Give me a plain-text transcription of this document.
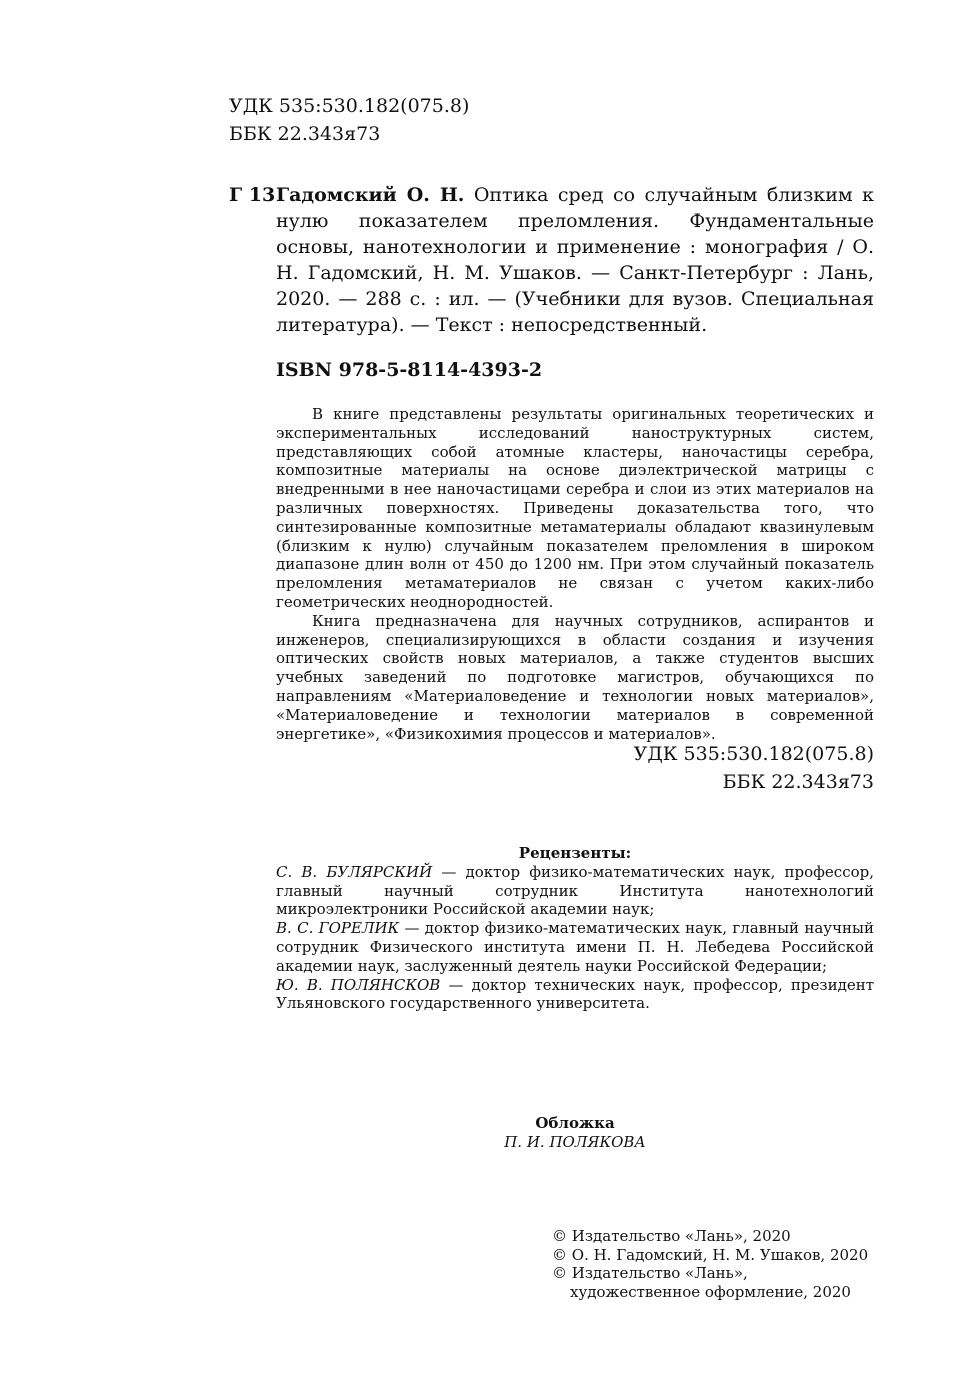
УДК 535:530.182(075.8)
ББК 22.343я73
Г 13 Гадомский О. Н. Оптика сред со случайным близким к нулю показателем преломления. Фундаментальные основы, нанотехнологии и применение : монография / О. Н. Гадомский, Н. М. Ушаков. — Санкт-Петербург : Лань, 2020. — 288 с. : ил. — (Учебники для вузов. Специальная литература). — Текст : непосредственный.
ISBN 978-5-8114-4393-2

В книге представлены результаты оригинальных теоретических и экспериментальных исследований наноструктурных систем, представляющих собой атомные кластеры, наночастицы серебра, композитные материалы на основе диэлектрической матрицы с внедренными в нее наночастицами серебра и слои из этих материалов на различных поверхностях. Приведены доказательства того, что синтезированные композитные метаматериалы обладают квазинулевым (близким к нулю) случайным показателем преломления в широком диапазоне длин волн от 450 до 1200 нм. При этом случайный показатель преломления метаматериалов не связан с учетом каких-либо геометрических неоднородностей.

Книга предназначена для научных сотрудников, аспирантов и инженеров, специализирующихся в области создания и изучения оптических свойств новых материалов, а также студентов высших учебных заведений по подготовке магистров, обучающихся по направлениям «Материаловедение и технологии новых материалов», «Материаловедение и технологии материалов в современной энергетике», «Физикохимия процессов и материалов».

УДК 535:530.182(075.8)
ББК 22.343я73
Рецензенты:

С. В. БУЛЯРСКИЙ — доктор физико-математических наук, профессор, главный научный сотрудник Института нанотехнологий микроэлектроники Российской академии наук;

В. С. ГОРЕЛИК — доктор физико-математических наук, главный научный сотрудник Физического института имени П. Н. Лебедева Российской академии наук, заслуженный деятель науки Российской Федерации;

Ю. В. ПОЛЯНСКОВ — доктор технических наук, профессор, президент Ульяновского государственного университета.

Обложка
П. И. ПОЛЯКОВА
© Издательство «Лань», 2020
© О. Н. Гадомский, Н. М. Ушаков, 2020
© Издательство «Лань»,
художественное оформление, 2020
